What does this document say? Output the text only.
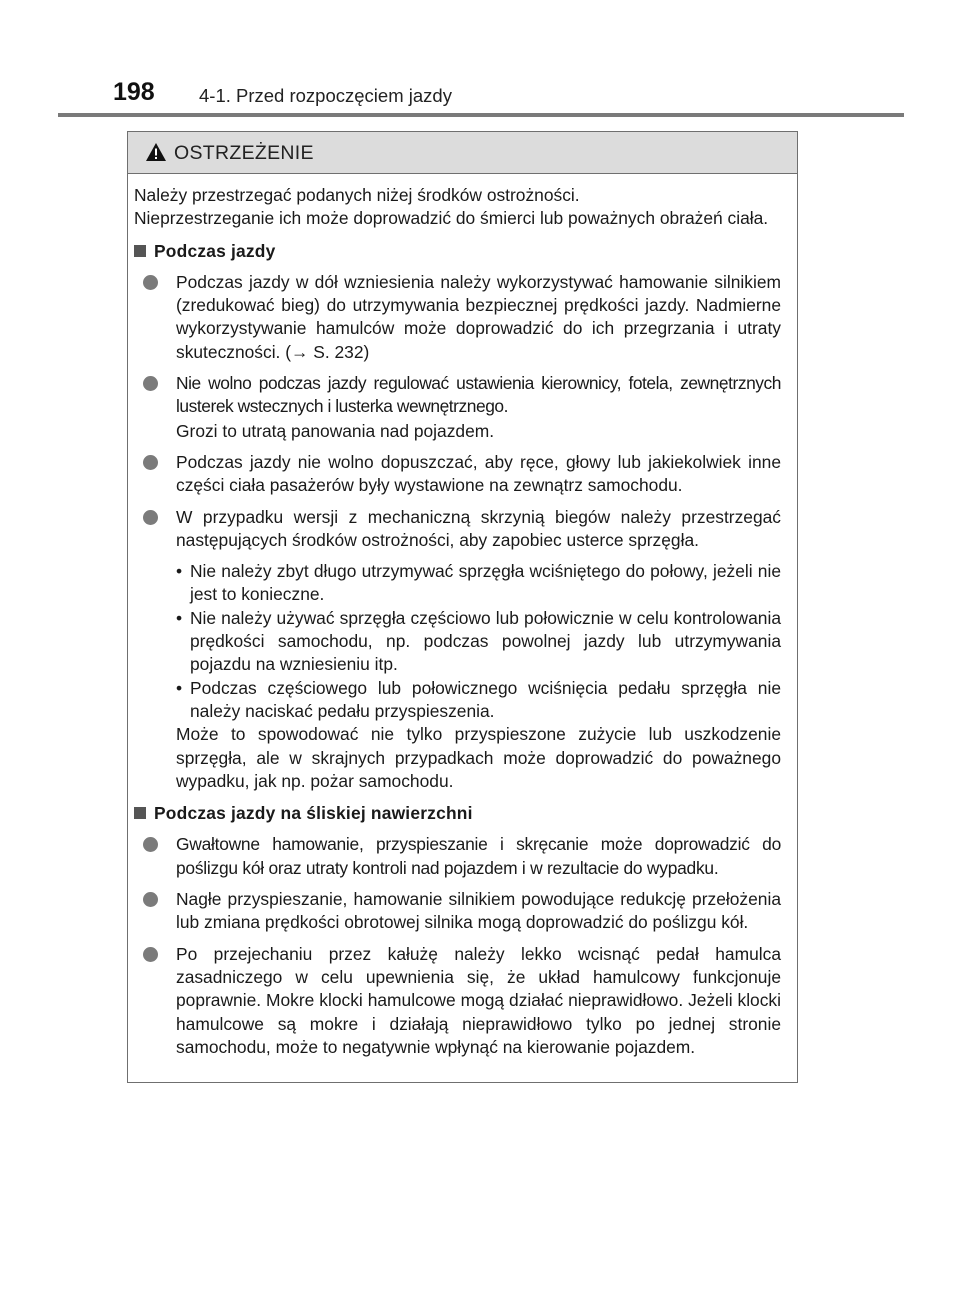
198 4-1. Przed rozpoczęciem jazdy
OSTRZEŻENIE

Należy przestrzegać podanych niżej środków ostrożności.

Nieprzestrzeganie ich może doprowadzić do śmierci lub poważnych obrażeń ciała.

Podczas jazdy

Podczas jazdy w dół wzniesienia należy wykorzystywać hamowanie silnikiem (zredukować bieg) do utrzymywania bezpiecznej prędkości jazdy. Nadmierne wykorzystywanie hamulców może doprowadzić do ich przegrzania i utraty skuteczności. (→ S. 232)

Nie wolno podczas jazdy regulować ustawienia kierownicy, fotela, zewnętrznych lusterek wstecznych i lusterka wewnętrznego.

Grozi to utratą panowania nad pojazdem.

Podczas jazdy nie wolno dopuszczać, aby ręce, głowy lub jakiekolwiek inne części ciała pasażerów były wystawione na zewnątrz samochodu.

W przypadku wersji z mechaniczną skrzynią biegów należy przestrzegać następujących środków ostrożności, aby zapobiec usterce sprzęgła.

• Nie należy zbyt długo utrzymywać sprzęgła wciśniętego do połowy, jeżeli nie jest to konieczne.

• Nie należy używać sprzęgła częściowo lub połowicznie w celu kontrolowania prędkości samochodu, np. podczas powolnej jazdy lub utrzymywania pojazdu na wzniesieniu itp.

• Podczas częściowego lub połowicznego wciśnięcia pedału sprzęgła nie należy naciskać pedału przyspieszenia.

Może to spowodować nie tylko przyspieszone zużycie lub uszkodzenie sprzęgła, ale w skrajnych przypadkach może doprowadzić do poważnego wypadku, jak np. pożar samochodu.

Podczas jazdy na śliskiej nawierzchni

Gwałtowne hamowanie, przyspieszanie i skręcanie może doprowadzić do poślizgu kół oraz utraty kontroli nad pojazdem i w rezultacie do wypadku.

Nagłe przyspieszanie, hamowanie silnikiem powodujące redukcję przełożenia lub zmiana prędkości obrotowej silnika mogą doprowadzić do poślizgu kół.

Po przejechaniu przez kałużę należy lekko wcisnąć pedał hamulca zasadniczego w celu upewnienia się, że układ hamulcowy funkcjonuje poprawnie. Mokre klocki hamulcowe mogą działać nieprawidłowo. Jeżeli klocki hamulcowe są mokre i działają nieprawidłowo tylko po jednej stronie samochodu, może to negatywnie wpłynąć na kierowanie pojazdem.
